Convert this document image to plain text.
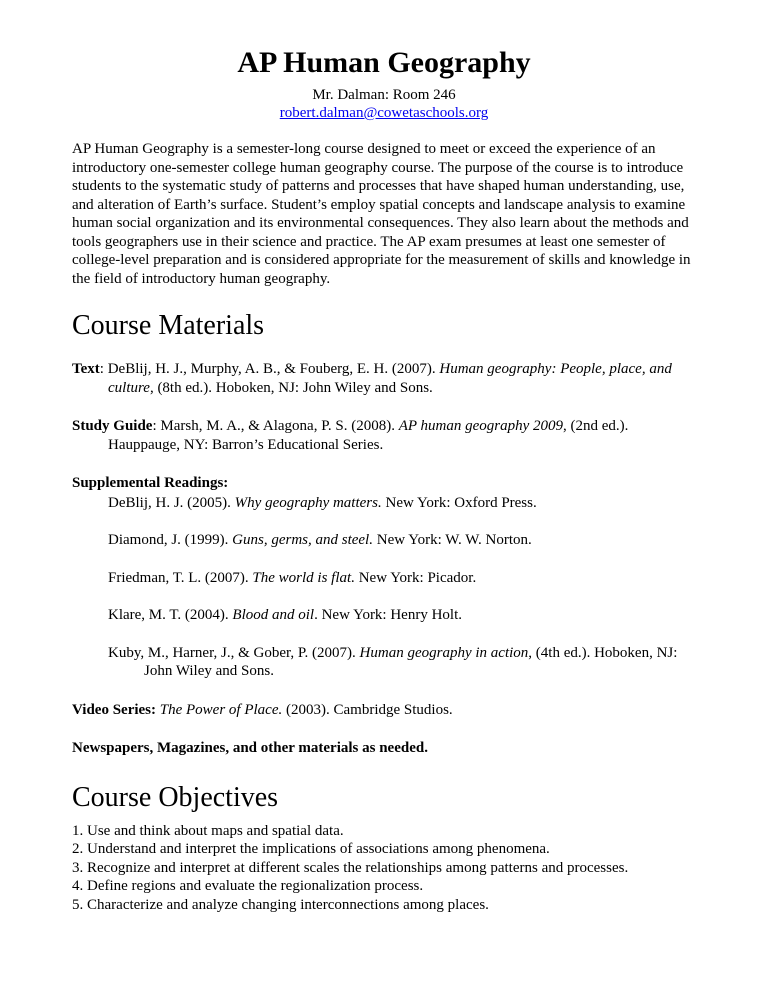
AP Human Geography
Mr. Dalman: Room 246
robert.dalman@cowetaschools.org

AP Human Geography is a semester-long course designed to meet or exceed the experience of an introductory one-semester college human geography course. The purpose of the course is to introduce students to the systematic study of patterns and processes that have shaped human understanding, use, and alteration of Earth’s surface. Student’s employ spatial concepts and landscape analysis to examine human social organization and its environmental consequences. They also learn about the methods and tools geographers use in their science and practice. The AP exam presumes at least one semester of college-level preparation and is considered appropriate for the measurement of skills and knowledge in the field of introductory human geography.

Course Materials
Text: DeBlij, H. J., Murphy, A. B., & Fouberg, E. H. (2007). Human geography: People, place, and culture, (8th ed.). Hoboken, NJ: John Wiley and Sons.
Study Guide: Marsh, M. A., & Alagona, P. S. (2008). AP human geography 2009, (2nd ed.). Hauppauge, NY: Barron’s Educational Series.
Supplemental Readings:
DeBlij, H. J. (2005). Why geography matters. New York: Oxford Press.
Diamond, J. (1999). Guns, germs, and steel. New York: W. W. Norton.
Friedman, T. L. (2007). The world is flat. New York: Picador.
Klare, M. T. (2004). Blood and oil. New York: Henry Holt.
Kuby, M., Harner, J., & Gober, P. (2007). Human geography in action, (4th ed.). Hoboken, NJ: John Wiley and Sons.
Video Series: The Power of Place. (2003). Cambridge Studios.
Newspapers, Magazines, and other materials as needed.
Course Objectives
1. Use and think about maps and spatial data.
2. Understand and interpret the implications of associations among phenomena.
3. Recognize and interpret at different scales the relationships among patterns and processes.
4. Define regions and evaluate the regionalization process.
5. Characterize and analyze changing interconnections among places.
